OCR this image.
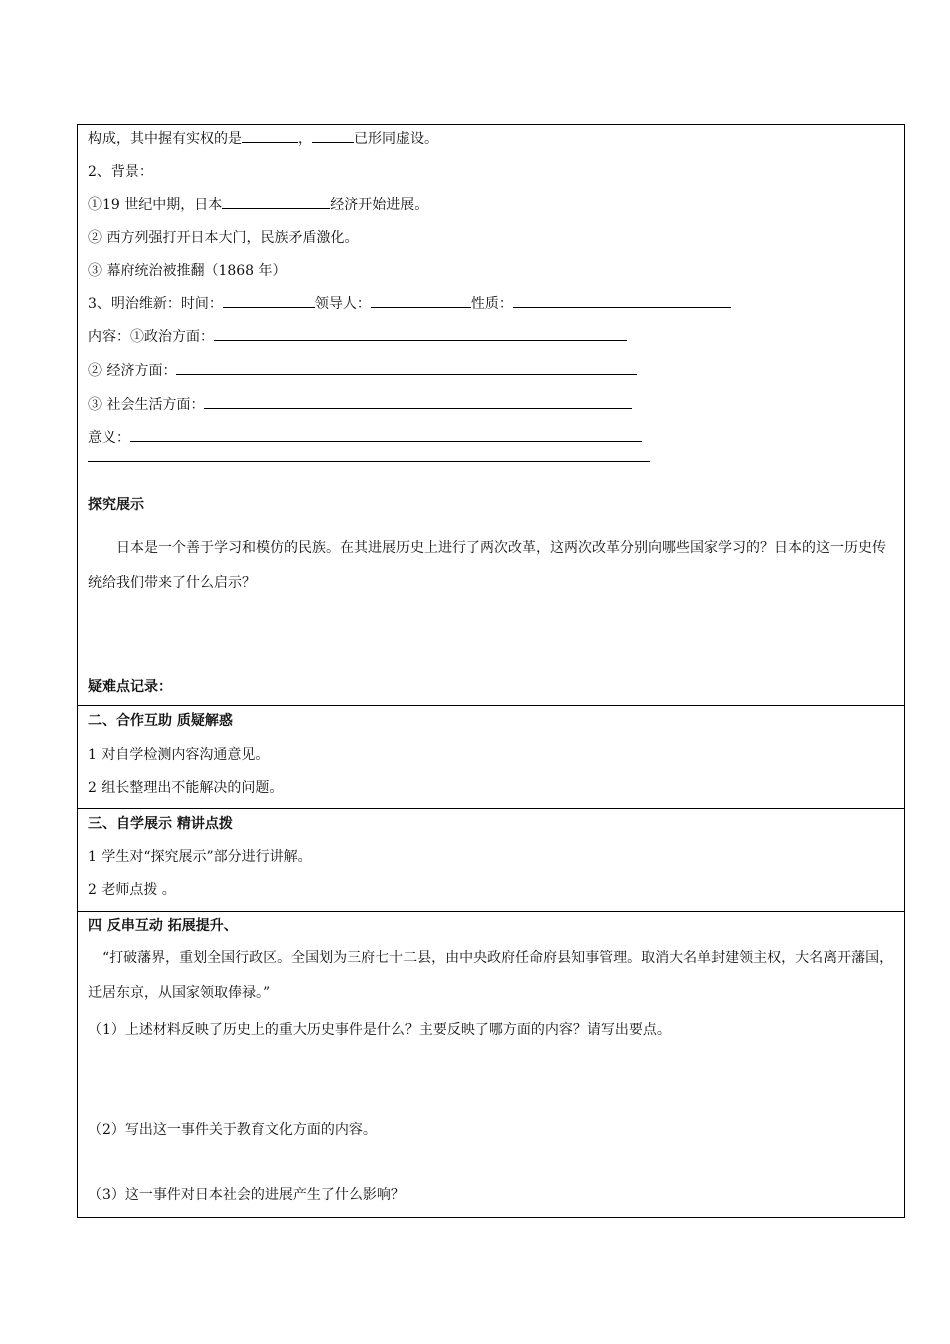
构成，其中握有实权的是	，	已形同虚设。
2、背景：
①19 世纪中期，日本	经济开始进展。
② 西方列强打开日本大门，民族矛盾激化。
③ 幕府统治被推翻（1868 年）
3、明治维新：时间：	领导人：	性质：
内容：①政治方面：
② 经济方面：
③ 社会生活方面：
意义：
探究展示
日本是一个善于学习和模仿的民族。在其进展历史上进行了两次改革，这两次改革分别向哪些国家学习的？日本的这一历史传统给我们带来了什么启示？
疑难点记录：
二、合作互助 质疑解惑
1 对自学检测内容沟通意见。
2 组长整理出不能解决的问题。
三、自学展示 精讲点拨
1 学生对“探究展示”部分进行讲解。
2 老师点拨 。
四 反串互动 拓展提升、
“打破藩界，重划全国行政区。全国划为三府七十二县，由中央政府任命府县知事管理。取消大名单封建领主权，大名离开藩国，迁居东京，从国家领取俸禄。”
（1）上述材料反映了历史上的重大历史事件是什么？主要反映了哪方面的内容？请写出要点。
（2）写出这一事件关于教育文化方面的内容。
（3）这一事件对日本社会的进展产生了什么影响？
